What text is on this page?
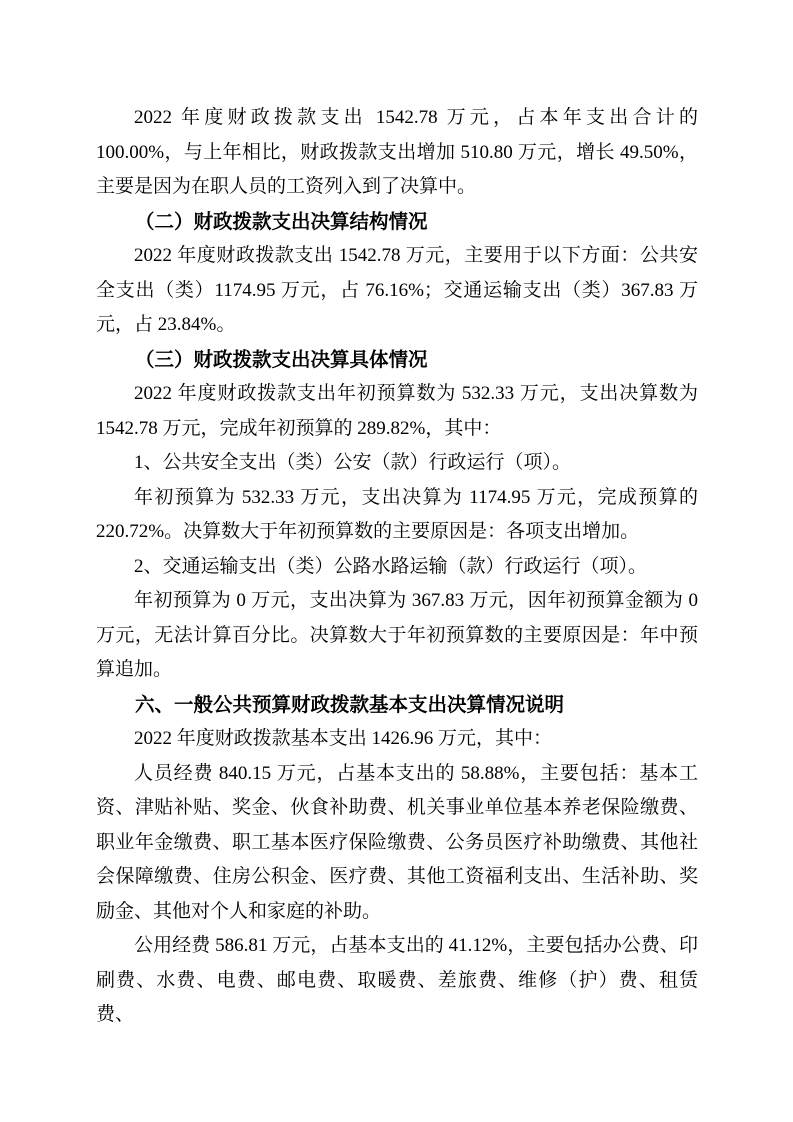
2022 年度财政拨款支出 1542.78 万元，占本年支出合计的 100.00%，与上年相比，财政拨款支出增加 510.80 万元，增长 49.50%，主要是因为在职人员的工资列入到了决算中。

（二）财政拨款支出决算结构情况

2022 年度财政拨款支出 1542.78 万元，主要用于以下方面：公共安全支出（类）1174.95 万元，占 76.16%；交通运输支出（类）367.83 万元，占 23.84%。

（三）财政拨款支出决算具体情况

2022 年度财政拨款支出年初预算数为 532.33 万元，支出决算数为 1542.78 万元，完成年初预算的 289.82%，其中：

1、公共安全支出（类）公安（款）行政运行（项）。

年初预算为 532.33 万元，支出决算为 1174.95 万元，完成预算的 220.72%。决算数大于年初预算数的主要原因是：各项支出增加。

2、交通运输支出（类）公路水路运输（款）行政运行（项）。

年初预算为 0 万元，支出决算为 367.83 万元，因年初预算金额为 0 万元，无法计算百分比。决算数大于年初预算数的主要原因是：年中预算追加。

六、一般公共预算财政拨款基本支出决算情况说明

2022 年度财政拨款基本支出 1426.96 万元，其中：

人员经费 840.15 万元，占基本支出的 58.88%，主要包括：基本工资、津贴补贴、奖金、伙食补助费、机关事业单位基本养老保险缴费、职业年金缴费、职工基本医疗保险缴费、公务员医疗补助缴费、其他社会保障缴费、住房公积金、医疗费、其他工资福利支出、生活补助、奖励金、其他对个人和家庭的补助。

公用经费 586.81 万元，占基本支出的 41.12%，主要包括办公费、印刷费、水费、电费、邮电费、取暖费、差旅费、维修（护）费、租赁费、
